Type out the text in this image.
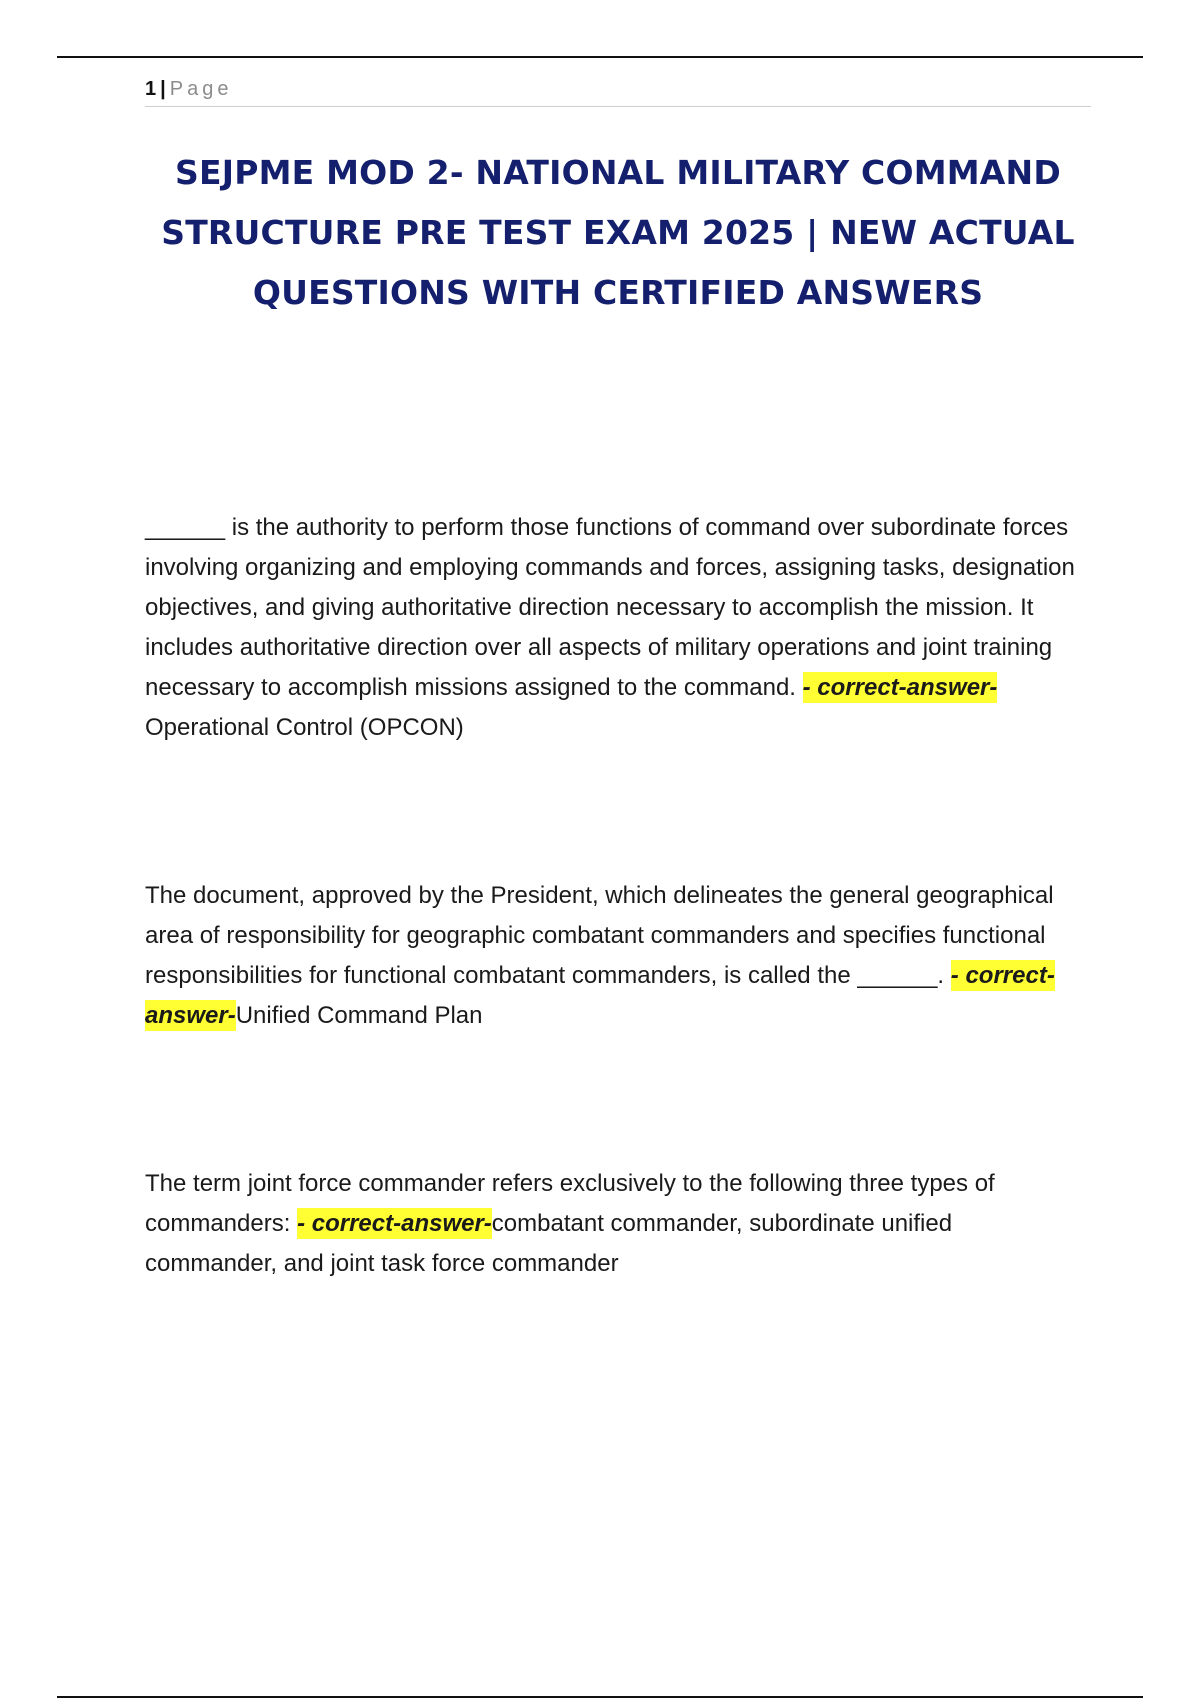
1 | Page
SEJPME MOD 2- NATIONAL MILITARY COMMAND STRUCTURE PRE TEST EXAM 2025 | NEW ACTUAL QUESTIONS WITH CERTIFIED ANSWERS

______ is the authority to perform those functions of command over subordinate forces involving organizing and employing commands and forces, assigning tasks, designation objectives, and giving authoritative direction necessary to accomplish the mission. It includes authoritative direction over all aspects of military operations and joint training necessary to accomplish missions assigned to the command. - correct-answer-Operational Control (OPCON)

The document, approved by the President, which delineates the general geographical area of responsibility for geographic combatant commanders and specifies functional responsibilities for functional combatant commanders, is called the ______. - correct-answer-Unified Command Plan

The term joint force commander refers exclusively to the following three types of commanders: - correct-answer-combatant commander, subordinate unified commander, and joint task force commander
